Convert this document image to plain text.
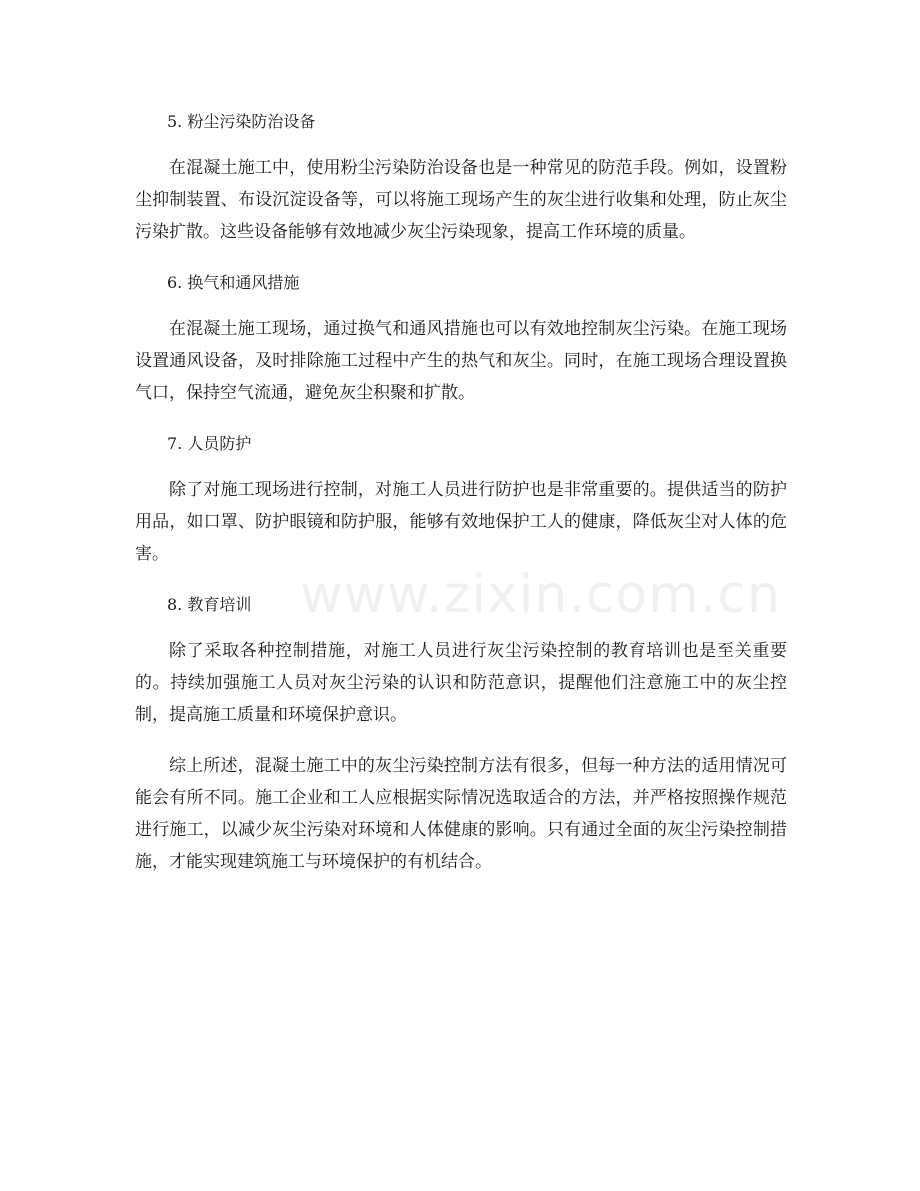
5. 粉尘污染防治设备

在混凝土施工中，使用粉尘污染防治设备也是一种常见的防范手段。例如，设置粉尘抑制装置、布设沉淀设备等，可以将施工现场产生的灰尘进行收集和处理，防止灰尘污染扩散。这些设备能够有效地减少灰尘污染现象，提高工作环境的质量。

6. 换气和通风措施

在混凝土施工现场，通过换气和通风措施也可以有效地控制灰尘污染。在施工现场设置通风设备，及时排除施工过程中产生的热气和灰尘。同时，在施工现场合理设置换气口，保持空气流通，避免灰尘积聚和扩散。

7. 人员防护

除了对施工现场进行控制，对施工人员进行防护也是非常重要的。提供适当的防护用品，如口罩、防护眼镜和防护服，能够有效地保护工人的健康，降低灰尘对人体的危害。

8. 教育培训

除了采取各种控制措施，对施工人员进行灰尘污染控制的教育培训也是至关重要的。持续加强施工人员对灰尘污染的认识和防范意识，提醒他们注意施工中的灰尘控制，提高施工质量和环境保护意识。

综上所述，混凝土施工中的灰尘污染控制方法有很多，但每一种方法的适用情况可能会有所不同。施工企业和工人应根据实际情况选取适合的方法，并严格按照操作规范进行施工，以减少灰尘污染对环境和人体健康的影响。只有通过全面的灰尘污染控制措施，才能实现建筑施工与环境保护的有机结合。

www.zixin.com.cn
